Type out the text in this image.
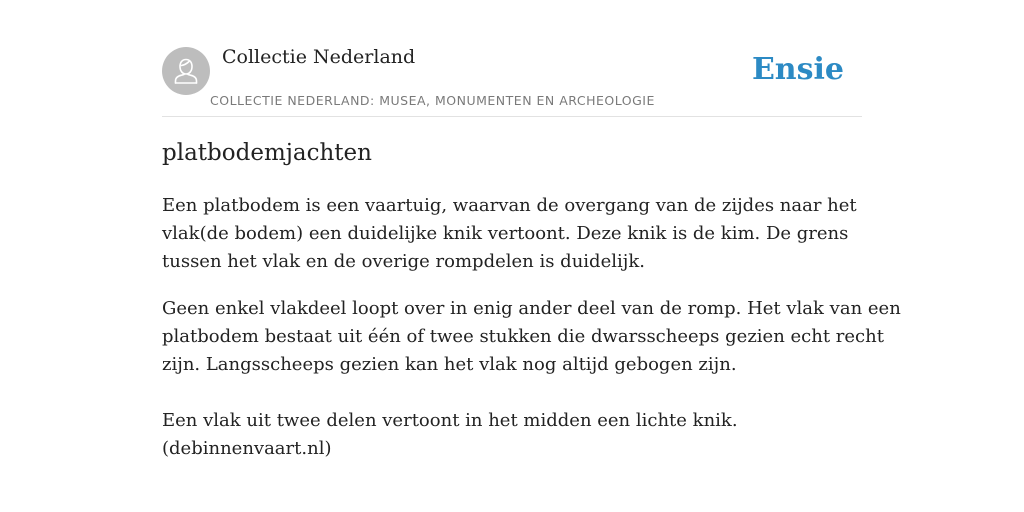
Collectie Nederland
COLLECTIE NEDERLAND: MUSEA, MONUMENTEN EN ARCHEOLOGIE
Ensie
platbodemjachten

Een platbodem is een vaartuig, waarvan de overgang van de zijdes naar het
vlak(de bodem) een duidelijke knik vertoont. Deze knik is de kim. De grens
tussen het vlak en de overige rompdelen is duidelijk.

Geen enkel vlakdeel loopt over in enig ander deel van de romp. Het vlak van een
platbodem bestaat uit één of twee stukken die dwarsscheeps gezien echt recht
zijn. Langsscheeps gezien kan het vlak nog altijd gebogen zijn.
Een vlak uit twee delen vertoont in het midden een lichte knik.
(debinnenvaart.nl)
